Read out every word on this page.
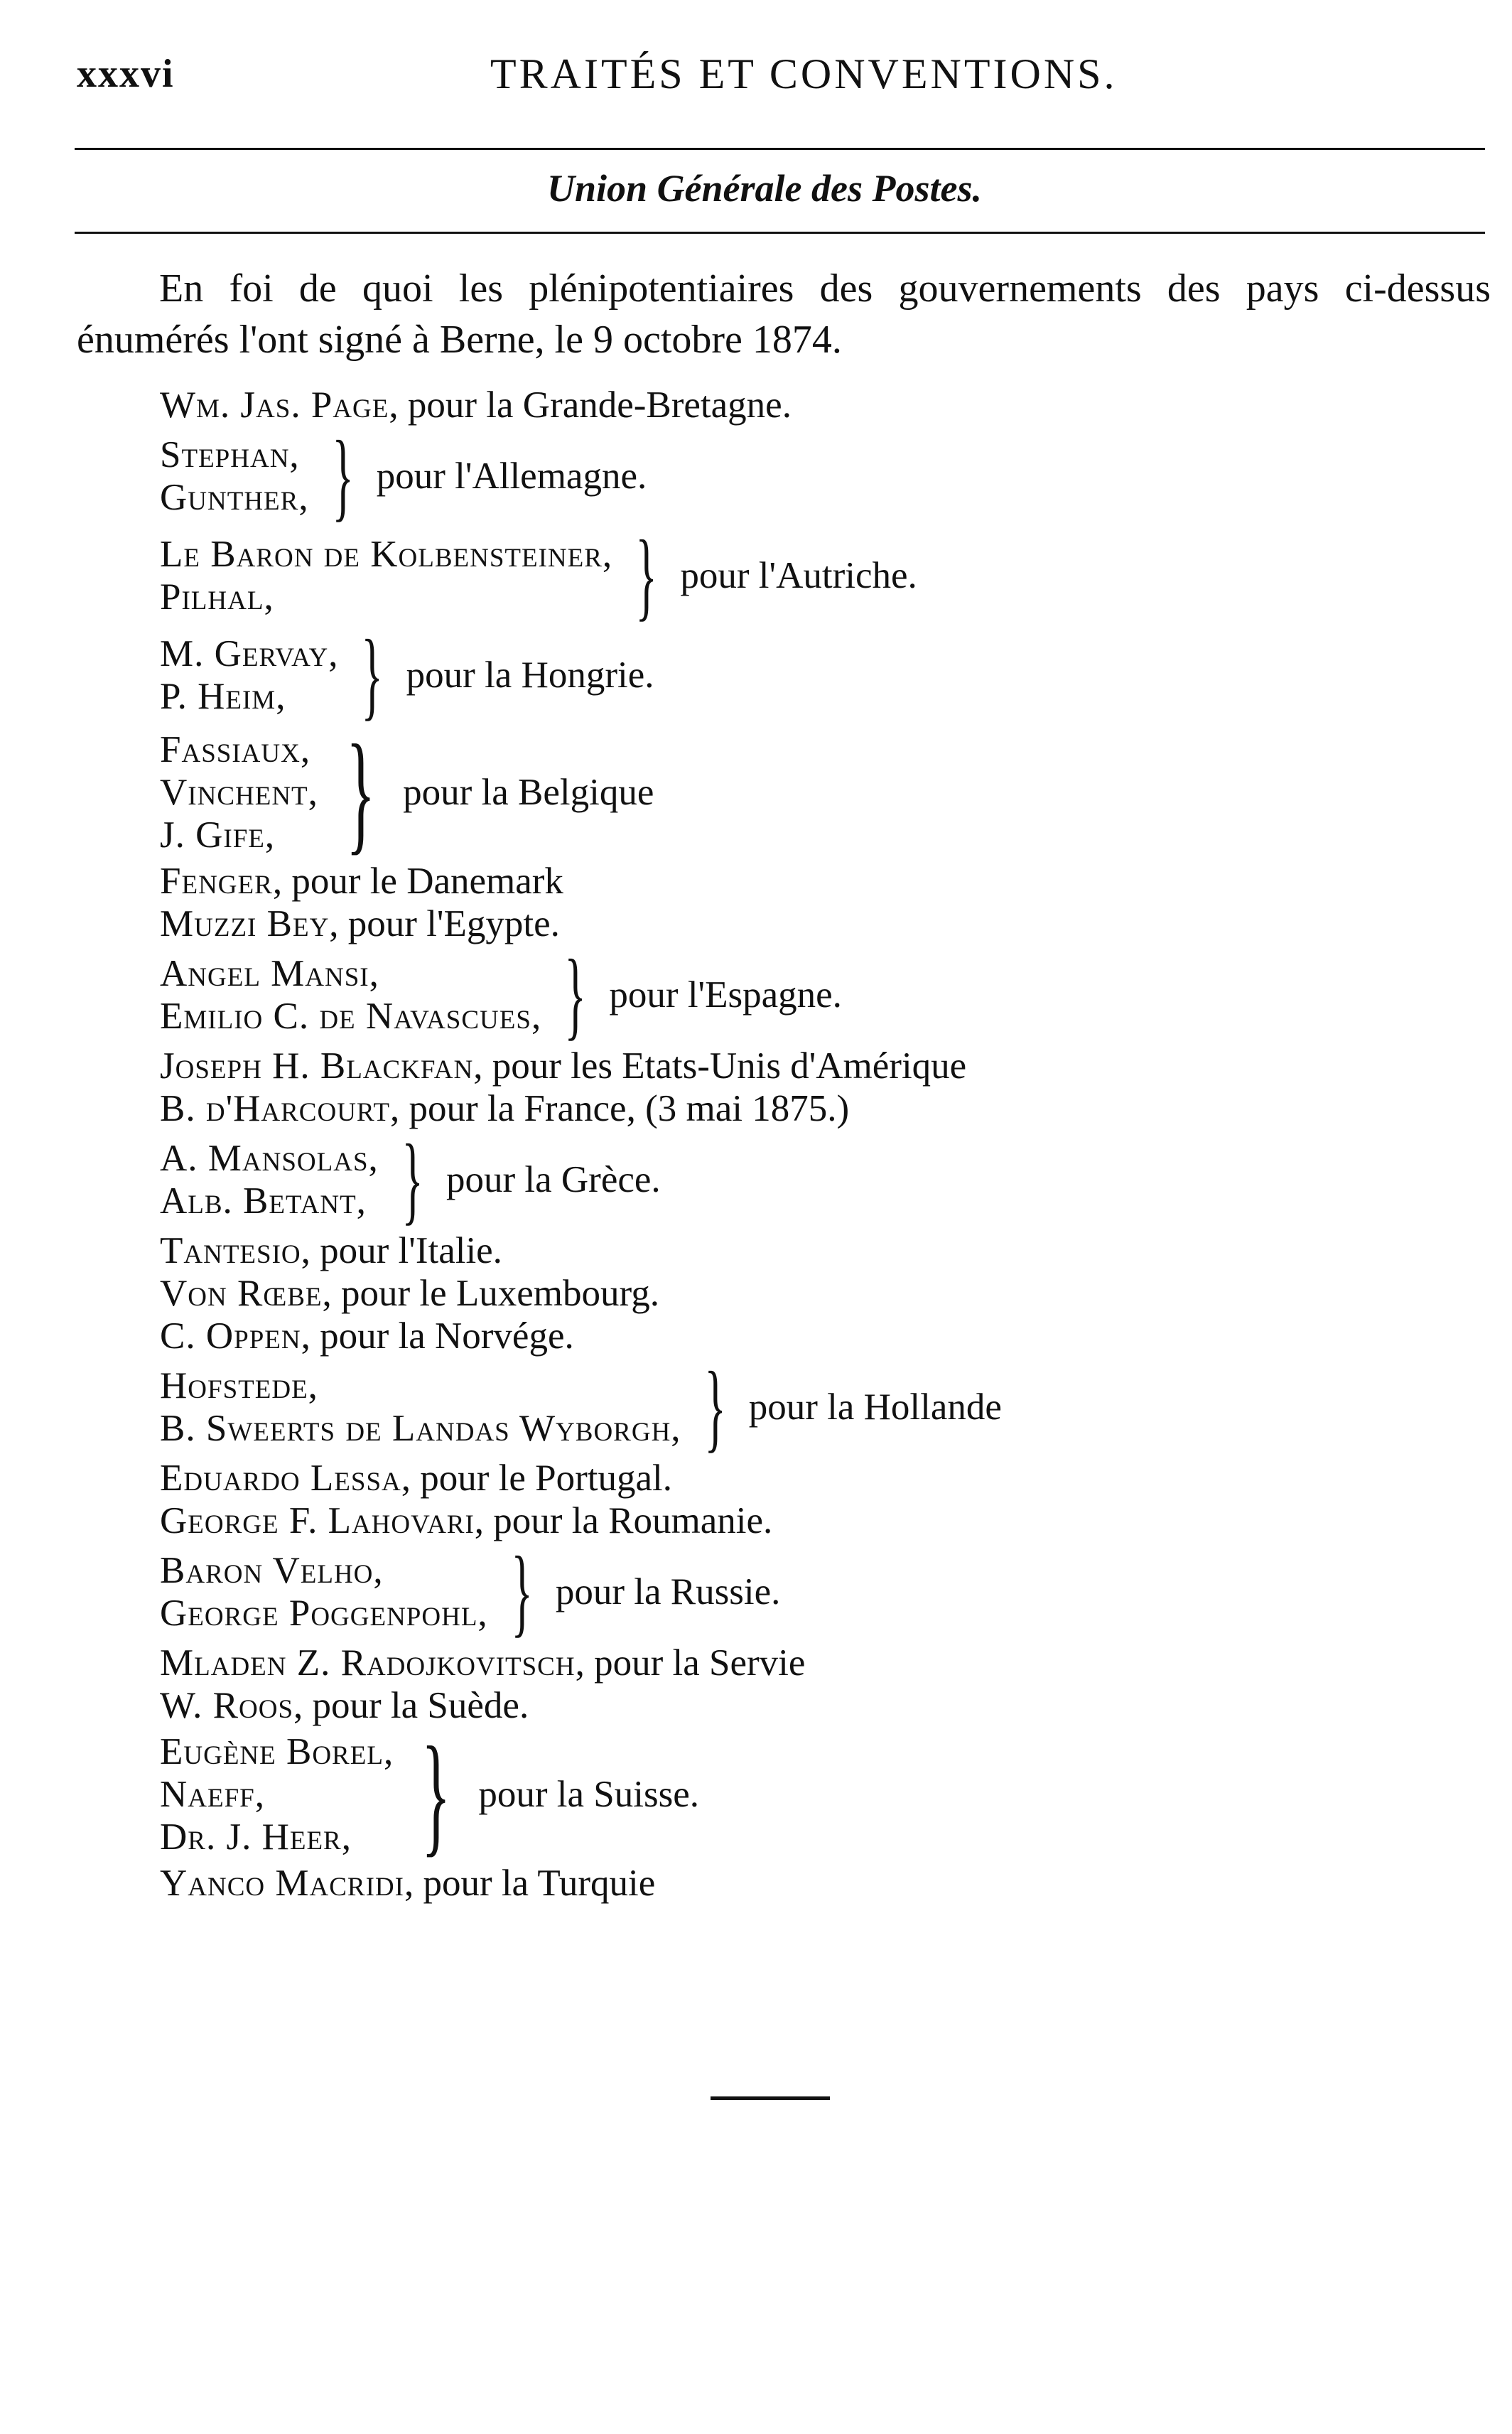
xxxvi	TRAITÉS ET CONVENTIONS.
Union Générale des Postes.

En foi de quoi les plénipotentiaires des gouvernements des pays ci-dessus énumérés l'ont signé à Berne, le 9 octobre 1874.

Wm. Jas. Page, pour la Grande-Bretagne.
Stephan,
Gunther, } pour l'Allemagne.
Le Baron de Kolbensteiner,
Pilhal,	} pour l'Autriche.
M. Gervay,
P. Heim, } pour la Hongrie.
Fassiaux,
Vinchent,
J. Gife, } pour la Belgique
Fenger, pour le Danemark
Muzzi Bey, pour l'Egypte.
Angel Mansi,
Emilio C. de Navascues, } pour l'Espagne.
Joseph H. Blackfan, pour les Etats-Unis d'Amérique
B. d'Harcourt, pour la France, (3 mai 1875.)
A. Mansolas,
Alb. Betant, } pour la Grèce.
Tantesio, pour l'Italie.
Von Rœbe, pour le Luxembourg.
C. Oppen, pour la Norvége.
Hofstede,
B. Sweerts de Landas Wyborgh, } pour la Hollande
Eduardo Lessa, pour le Portugal.
George F. Lahovari, pour la Roumanie.
Baron Velho,
George Poggenpohl, } pour la Russie.
Mladen Z. Radojkovitsch, pour la Servie
W. Roos, pour la Suède.
Eugène Borel,
Naeff,
Dr. J. Heer, } pour la Suisse.
Yanco Macridi, pour la Turquie
